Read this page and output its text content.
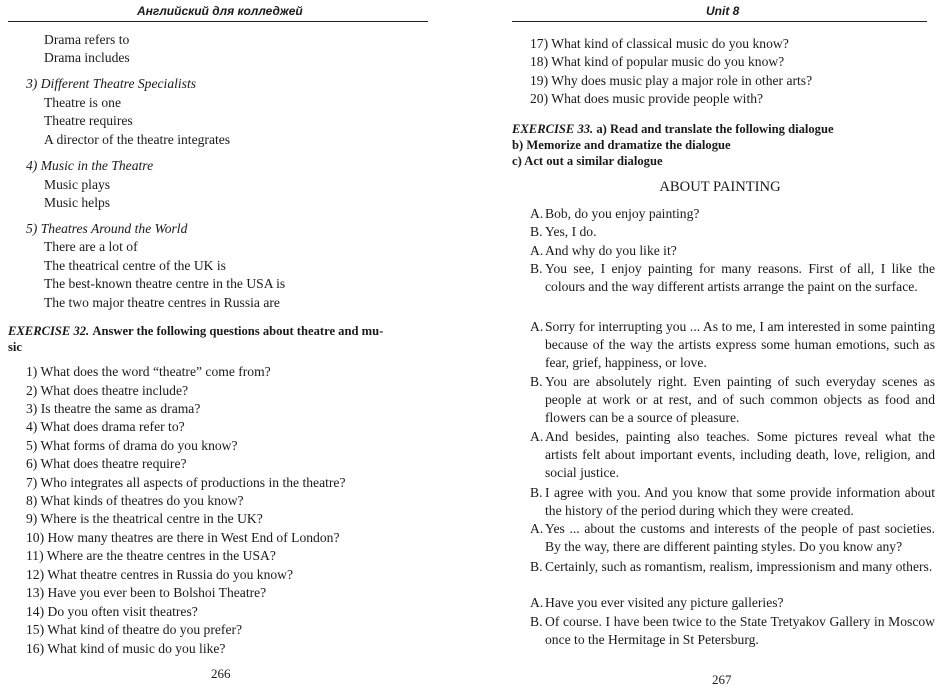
Английский для колледжей
Drama refers to
Drama includes
3) Different Theatre Specialists
Theatre is one
Theatre requires
A director of the theatre integrates
4) Music in the Theatre
Music plays
Music helps
5) Theatres Around the World
There are a lot of
The theatrical centre of the UK is
The best-known theatre centre in the USA is
The two major theatre centres in Russia are
EXERCISE 32. Answer the following questions about theatre and mu-
sic
1) What does the word “theatre” come from?
2) What does theatre include?
3) Is theatre the same as drama?
4) What does drama refer to?
5) What forms of drama do you know?
6) What does theatre require?
7) Who integrates all aspects of productions in the theatre?
8) What kinds of theatres do you know?
9) Where is the theatrical centre in the UK?
10) How many theatres are there in West End of London?
11) Where are the theatre centres in the USA?
12) What theatre centres in Russia do you know?
13) Have you ever been to Bolshoi Theatre?
14) Do you often visit theatres?
15) What kind of theatre do you prefer?
16) What kind of music do you like?
266
Unit 8
17) What kind of classical music do you know?
18) What kind of popular music do you know?
19) Why does music play a major role in other arts?
20) What does music provide people with?
EXERCISE 33. a) Read and translate the following dialogue
b) Memorize and dramatize the dialogue
c) Act out a similar dialogue
ABOUT PAINTING
A. Bob, do you enjoy painting?
B. Yes, I do.
A. And why do you like it?
B. You see, I enjoy painting for many reasons. First of all, I like the colours and the way different artists arrange the paint on the surface.
A. Sorry for interrupting you ... As to me, I am interested in some painting because of the way the artists express some human emotions, such as fear, grief, happiness, or love.
B. You are absolutely right. Even painting of such everyday scenes as people at work or at rest, and of such common objects as food and flowers can be a source of pleasure.
A. And besides, painting also teaches. Some pictures reveal what the artists felt about important events, including death, love, religion, and social justice.
B. I agree with you. And you know that some provide information about the history of the period during which they were created.
A. Yes ... about the customs and interests of the people of past societies. By the way, there are different painting styles. Do you know any?
B. Certainly, such as romantism, realism, impressionism and many others.
A. Have you ever visited any picture galleries?
B. Of course. I have been twice to the State Tretyakov Gallery in Moscow once to the Hermitage in St Petersburg.
267
